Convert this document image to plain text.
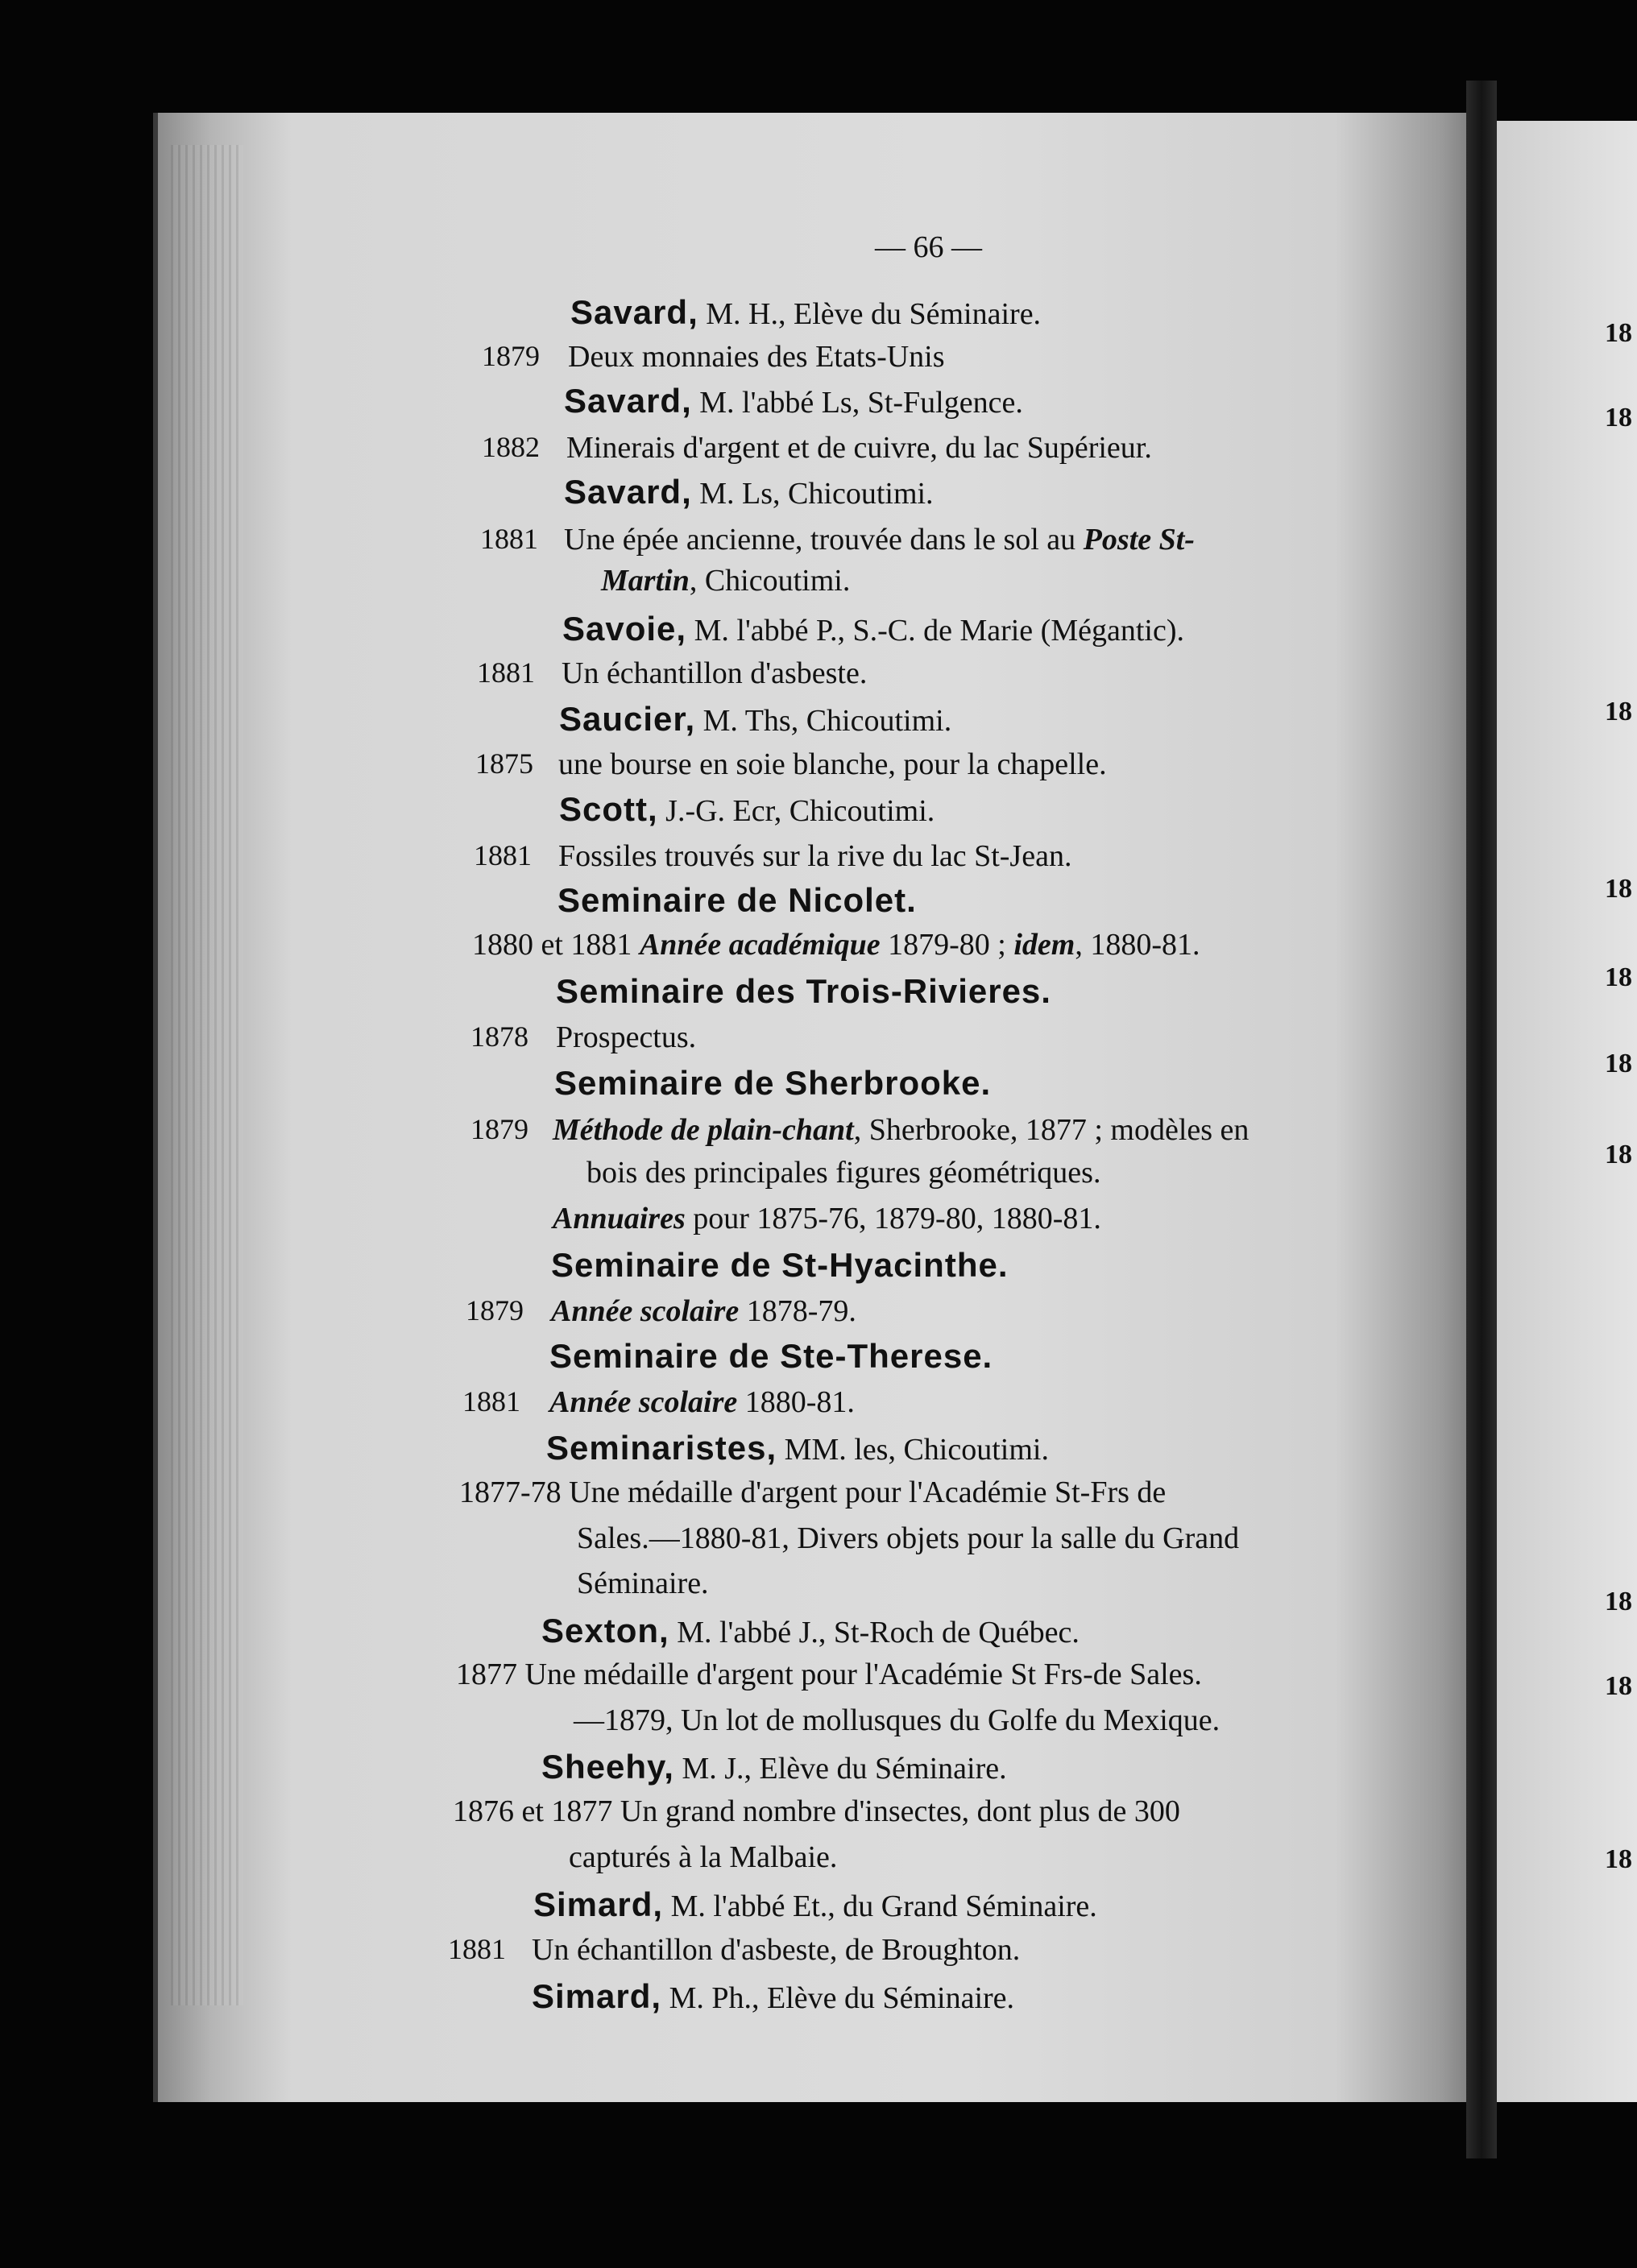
— 66 —
Savard, M. H., Elève du Séminaire.
1879 Deux monnaies des Etats-Unis
Savard, M. l'abbé Ls, St-Fulgence.
1882 Minerais d'argent et de cuivre, du lac Supérieur.
Savard, M. Ls, Chicoutimi.
1881 Une épée ancienne, trouvée dans le sol au Poste St-
Martin, Chicoutimi.
Savoie, M. l'abbé P., S.-C. de Marie (Mégantic).
1881 Un échantillon d'asbeste.
Saucier, M. Ths, Chicoutimi.
1875 une bourse en soie blanche, pour la chapelle.
Scott, J.-G. Ecr, Chicoutimi.
1881 Fossiles trouvés sur la rive du lac St-Jean.
Seminaire de Nicolet.
1880 et 1881 Année académique 1879-80 ; idem, 1880-81.
Seminaire des Trois-Rivieres.
1878 Prospectus.
Seminaire de Sherbrooke.
1879 Méthode de plain-chant, Sherbrooke, 1877 ; modèles en
bois des principales figures géométriques.
Annuaires pour 1875-76, 1879-80, 1880-81.
Seminaire de St-Hyacinthe.
1879 Année scolaire 1878-79.
Seminaire de Ste-Therese.
1881 Année scolaire 1880-81.
Seminaristes, MM. les, Chicoutimi.
1877-78 Une médaille d'argent pour l'Académie St-Frs de
Sales.—1880-81, Divers objets pour la salle du Grand
Séminaire.
Sexton, M. l'abbé J., St-Roch de Québec.
1877 Une médaille d'argent pour l'Académie St Frs-de Sales.
—1879, Un lot de mollusques du Golfe du Mexique.
Sheehy, M. J., Elève du Séminaire.
1876 et 1877 Un grand nombre d'insectes, dont plus de 300
capturés à la Malbaie.
Simard, M. l'abbé Et., du Grand Séminaire.
1881 Un échantillon d'asbeste, de Broughton.
Simard, M. Ph., Elève du Séminaire.
18
18
18
18
18
18
18
18
18
18
